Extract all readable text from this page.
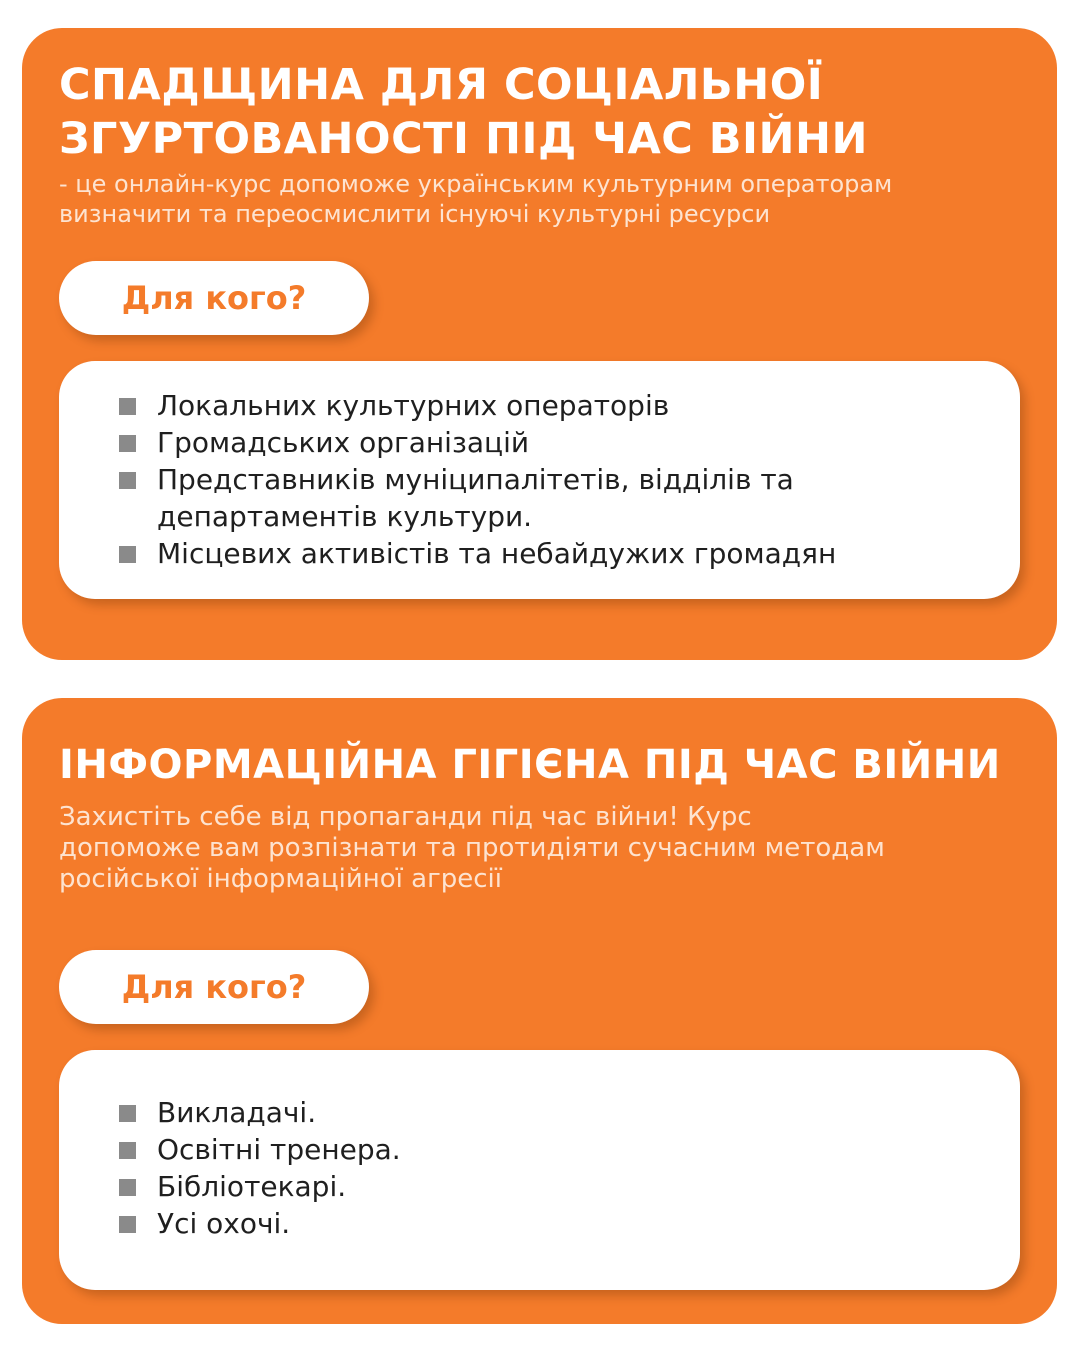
СПАДЩИНА ДЛЯ СОЦІАЛЬНОЇ
ЗГУРТОВАНОСТІ ПІД ЧАС ВІЙНИ

- це онлайн-курс допоможе українським культурним операторам
визначити та переосмислити існуючі культурні ресурси

Для кого?
Локальних культурних операторів
Громадських організацій
Представників муніципалітетів, відділів та
департаментів культури.
Місцевих активістів та небайдужих громадян
ІНФОРМАЦІЙНА ГІГІЄНА ПІД ЧАС ВІЙНИ

Захистіть себе від пропаганди під час війни! Курс
допоможе вам розпізнати та протидіяти сучасним методам
російської інформаційної агресії

Для кого?
Викладачі.
Освітні тренера.
Бібліотекарі.
Усі охочі.
